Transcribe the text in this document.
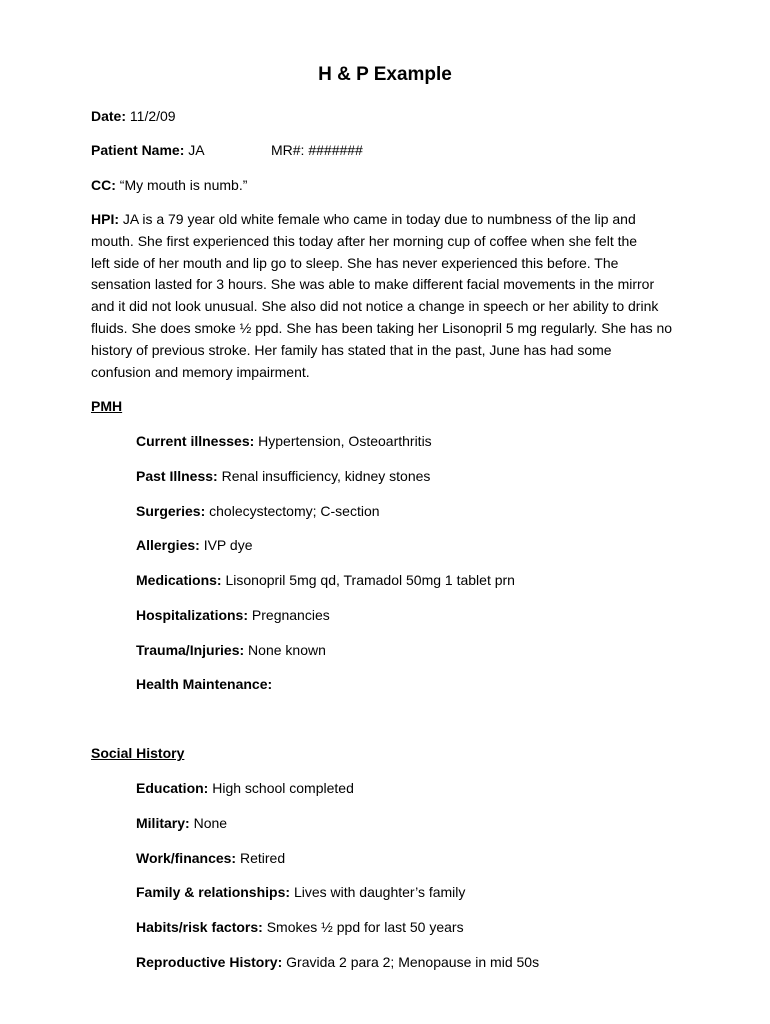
H & P Example
Date: 11/2/09
Patient Name: JA	MR#: #######
CC: “My mouth is numb.”
HPI: JA is a 79 year old white female who came in today due to numbness of the lip and
mouth. She first experienced this today after her morning cup of coffee when she felt the
left side of her mouth and lip go to sleep. She has never experienced this before. The
sensation lasted for 3 hours. She was able to make different facial movements in the mirror
and it did not look unusual. She also did not notice a change in speech or her ability to drink
fluids. She does smoke ½ ppd. She has been taking her Lisonopril 5 mg regularly. She has no
history of previous stroke. Her family has stated that in the past, June has had some
confusion and memory impairment.
PMH
Current illnesses: Hypertension, Osteoarthritis
Past Illness: Renal insufficiency, kidney stones
Surgeries: cholecystectomy; C-section
Allergies: IVP dye
Medications: Lisonopril 5mg qd, Tramadol 50mg 1 tablet prn
Hospitalizations: Pregnancies
Trauma/Injuries: None known
Health Maintenance:
Social History
Education: High school completed
Military: None
Work/finances: Retired
Family & relationships: Lives with daughter’s family
Habits/risk factors: Smokes ½ ppd for last 50 years
Reproductive History: Gravida 2 para 2; Menopause in mid 50s
